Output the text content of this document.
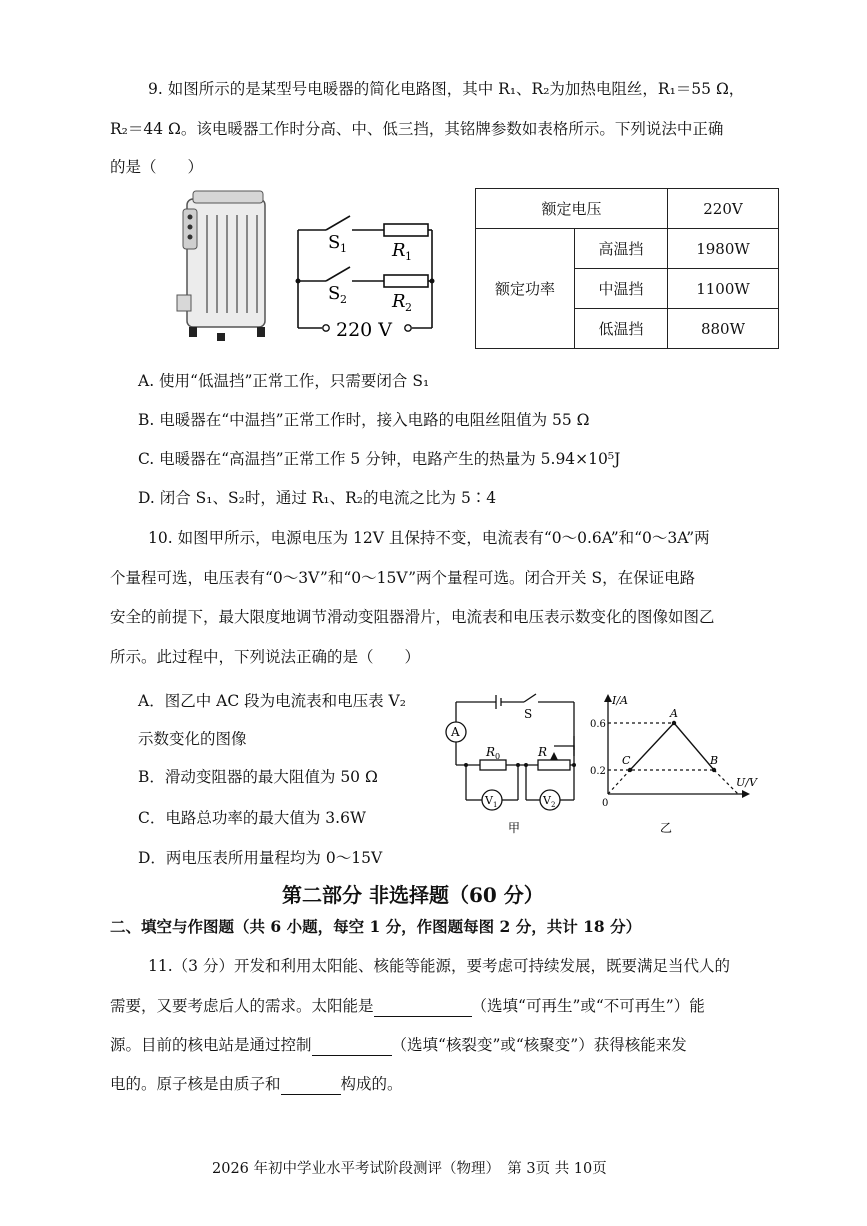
9. 如图所示的是某型号电暖器的简化电路图，其中 R₁、R₂为加热电阻丝，R₁＝55 Ω，
R₂＝44 Ω。该电暖器工作时分高、中、低三挡，其铭牌参数如表格所示。下列说法中正确
的是（　　）
S 1	R 1
S 2	R 2
220 V
额定电压		220V
额定功率	高温挡	1980W
	中温挡	1100W
	低温挡	880W
A. 使用“低温挡”正常工作，只需要闭合 S₁
B. 电暖器在“中温挡”正常工作时，接入电路的电阻丝阻值为 55 Ω
C. 电暖器在“高温挡”正常工作 5 分钟，电路产生的热量为 5.94×10⁵J
D. 闭合 S₁、S₂时，通过 R₁、R₂的电流之比为 5∶4
10. 如图甲所示，电源电压为 12V 且保持不变，电流表有“0～0.6A”和“0～3A”两
个量程可选，电压表有“0～3V”和“0～15V”两个量程可选。闭合开关 S，在保证电路
安全的前提下，最大限度地调节滑动变阻器滑片，电流表和电压表示数变化的图像如图乙
所示。此过程中，下列说法正确的是（　　）
A．图乙中 AC 段为电流表和电压表 V₂
示数变化的图像
B．滑动变阻器的最大阻值为 50 Ω
C．电路总功率的最大值为 3.6W
D．两电压表所用量程均为 0～15V
S
A
R 0	R
V 1	V 2
甲
I/A
U/V
0.6
0.2
0
A
B
C
乙
第二部分 非选择题（60 分）
二、填空与作图题（共 6 小题，每空 1 分，作图题每图 2 分，共计 18 分）
11.（3 分）开发和利用太阳能、核能等能源，要考虑可持续发展，既要满足当代人的
需要，又要考虑后人的需求。太阳能是	（选填“可再生”或“不可再生”）能
源。目前的核电站是通过控制	（选填“核裂变”或“核聚变”）获得核能来发
电的。原子核是由质子和	构成的。
2026 年初中学业水平考试阶段测评（物理）　第 3页 共 10页
